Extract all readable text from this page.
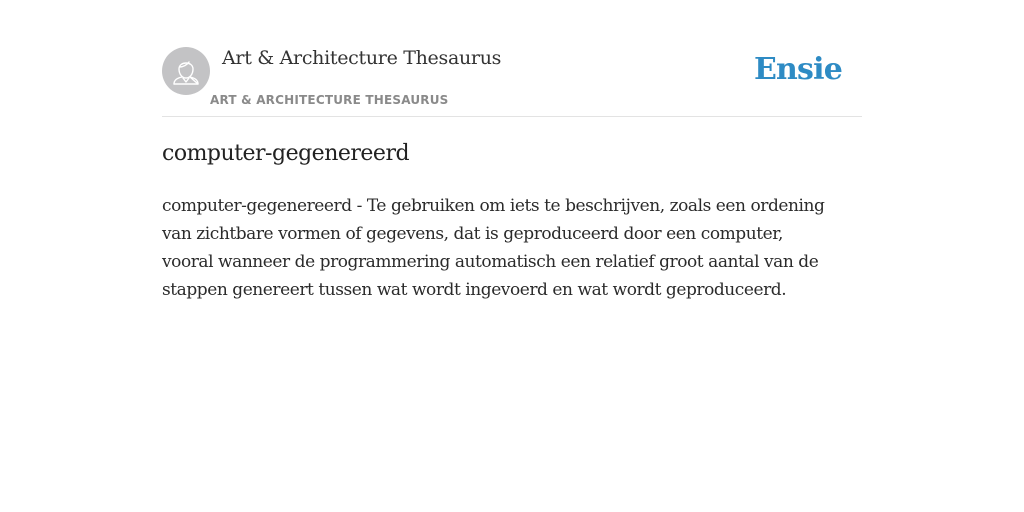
Art & Architecture Thesaurus
ART & ARCHITECTURE THESAURUS
Ensie
computer-gegenereerd

computer-gegenereerd - Te gebruiken om iets te beschrijven, zoals een ordening
van zichtbare vormen of gegevens, dat is geproduceerd door een computer,
vooral wanneer de programmering automatisch een relatief groot aantal van de
stappen genereert tussen wat wordt ingevoerd en wat wordt geproduceerd.
